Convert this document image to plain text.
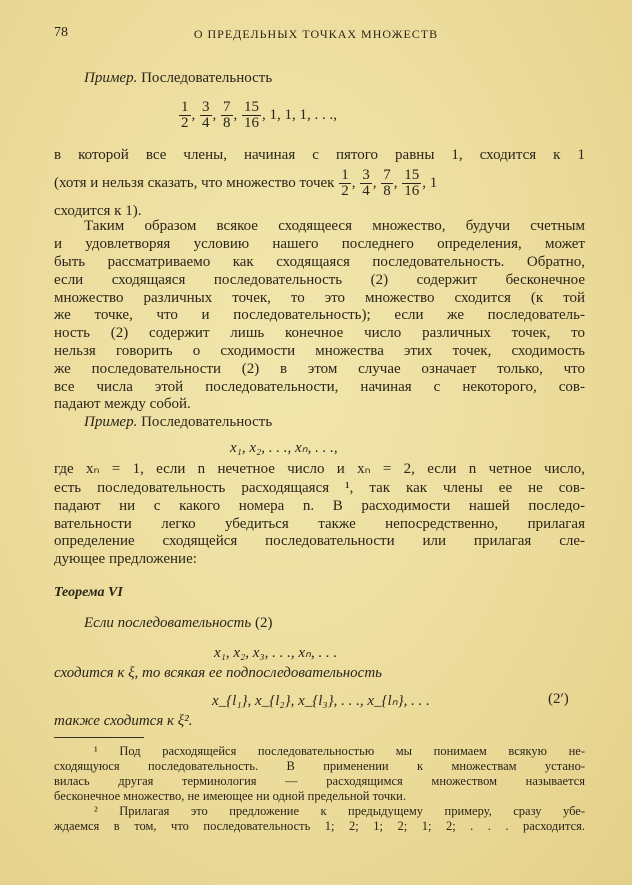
78	О ПРЕДЕЛЬНЫХ ТОЧКАХ МНОЖЕСТВ
Пример. Последовательность
$\frac{1}{2}$ , $\frac{3}{4}$ , $\frac{7}{8}$ , $\frac{15}{16}$ , 1, 1, 1, . . .,
в которой все члены, начиная с пятого равны 1, сходится к 1
(хотя и нельзя сказать, что множество точек $\frac{1}{2}$ , $\frac{3}{4}$ , $\frac{7}{8}$ , $\frac{15}{16}$ , 1
сходится к 1).
Таким образом всякое сходящееся множество, будучи счетным
и удовлетворяя условию нашего последнего определения, может
быть рассматриваемо как сходящаяся последовательность. Обратно,
если сходящаяся последовательность (2) содержит бесконечное
множество различных точек, то это множество сходится (к той
же точке, что и последовательность); если же последователь-
ность (2) содержит лишь конечное число различных точек, то
нельзя говорить о сходимости множества этих точек, сходимость
же последовательности (2) в этом случае означает только, что
все числа этой последовательности, начиная с некоторого, сов-
падают между собой.
Пример. Последовательность
x₁, x₂, . . ., xₙ, . . .,
где xₙ = 1, если n нечетное число и xₙ = 2, если n четное число,
есть последовательность расходящаяся ¹, так как члены ее не сов-
падают ни с какого номера n. В расходимости нашей последо-
вательности легко убедиться также непосредственно, прилагая
определение сходящейся последовательности или прилагая сле-
дующее предложение:
Теорема VI
Если последовательность (2)
x₁, x₂, x₃, . . ., xₙ, . . .
сходится к ξ, то всякая ее подпоследовательность
x_{l₁}, x_{l₂}, x_{l₃}, . . ., x_{lₙ}, . . .	(2′)
также сходится к ξ².
¹ Под расходящейся последовательностью мы понимаем всякую не-
сходящуюся последовательность. В применении к множествам устано-
вилась другая терминология — расходящимся множеством называется
бесконечное множество, не имеющее ни одной предельной точки.
² Прилагая это предложение к предыдущему примеру, сразу убе-
ждаемся в том, что последовательность 1; 2; 1; 2; 1; 2; . . . расходится.
